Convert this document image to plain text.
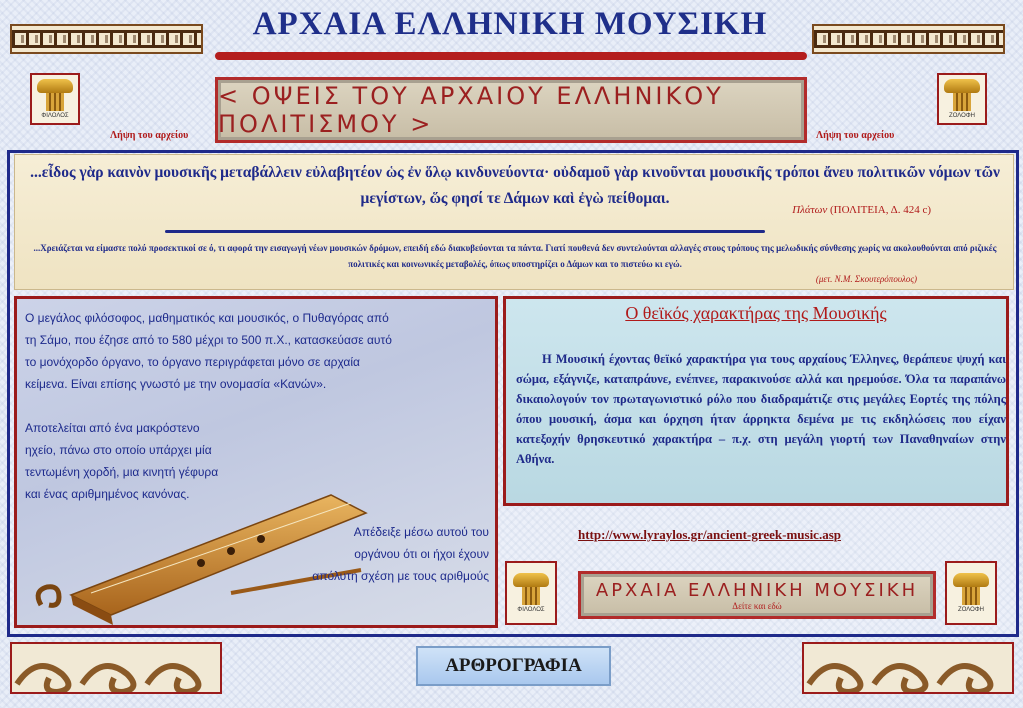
ΑΡΧΑΙΑ ΕΛΛΗΝΙΚΗ ΜΟΥΣΙΚΗ
ΦΙΛΟΛΟΣ
Λήψη του αρχείου
ΖΟΛΟΦΗ
Λήψη του αρχείου
< ΟΨΕΙΣ ΤΟΥ ΑΡΧΑΙΟΥ ΕΛΛΗΝΙΚΟΥ ΠΟΛΙΤΙΣΜΟΥ >
...εἶδος γὰρ καινὸν μουσικῆς μεταβάλλειν εὐλαβητέον ὡς ἐν ὅλῳ κινδυνεύοντα· οὐδαμοῦ γὰρ κινοῦνται μουσικῆς τρόποι ἄνευ πολιτικῶν νόμων τῶν μεγίστων, ὥς φησί τε Δάμων καὶ ἐγὼ πείθομαι.
Πλάτων (ΠΟΛΙΤΕΙΑ, Δ. 424 c)
...Χρειάζεται να είμαστε πολύ προσεκτικοί σε ό, τι αφορά την εισαγωγή νέων μουσικών δρόμων, επειδή εδώ διακυβεύονται τα πάντα. Γιατί πουθενά δεν συντελούνται αλλαγές στους τρόπους της μελωδικής σύνθεσης χωρίς να ακολουθούνται από ριζικές πολιτικές και κοινωνικές μεταβολές, όπως υποστηρίζει ο Δάμων και το πιστεύω κι εγώ.
(μετ. Ν.Μ. Σκουτερόπουλος)
Ο μεγάλος φιλόσοφος, μαθηματικός και μουσικός, ο Πυθαγόρας από τη Σάμο, που έζησε από το 580 μέχρι το 500 π.Χ., κατασκεύασε αυτό το μονόχορδο όργανο, το όργανο περιγράφεται μόνο σε αρχαία κείμενα. Είναι επίσης γνωστό με την ονομασία «Κανών».
Αποτελείται από ένα μακρόστενο ηχείο, πάνω στο οποίο υπάρχει μία τεντωμένη χορδή, μια κινητή γέφυρα και ένας αριθμημένος κανόνας.
Απέδειξε μέσω αυτού του οργάνου ότι οι ήχοι έχουν απόλυτη σχέση με τους αριθμούς
Ο θεϊκός χαρακτήρας της Μουσικής
Η Μουσική έχοντας θεϊκό χαρακτήρα για τους αρχαίους Έλληνες, θεράπευε ψυχή και σώμα, εξάγνιζε, καταπράυνε, ενέπνεε, παρακινούσε αλλά και ηρεμούσε. Όλα τα παραπάνω δικαιολογούν τον πρωταγωνιστικό ρόλο που διαδραμάτιζε στις μεγάλες Εορτές της πόλης όπου μουσική, άσμα και όρχηση ήταν άρρηκτα δεμένα με τις εκδηλώσεις που είχαν κατεξοχήν θρησκευτικό χαρακτήρα – π.χ. στη μεγάλη γιορτή των Παναθηναίων στην Αθήνα.
http://www.lyraylos.gr/ancient-greek-music.asp
ΦΙΛΟΛΟΣ
ΑΡΧΑΙΑ ΕΛΛΗΝΙΚΗ ΜΟΥΣΙΚΗ
Δείτε και εδώ	ΖΟΛΟΦΗ
ΑΡΘΡΟΓΡΑΦΙΑ
